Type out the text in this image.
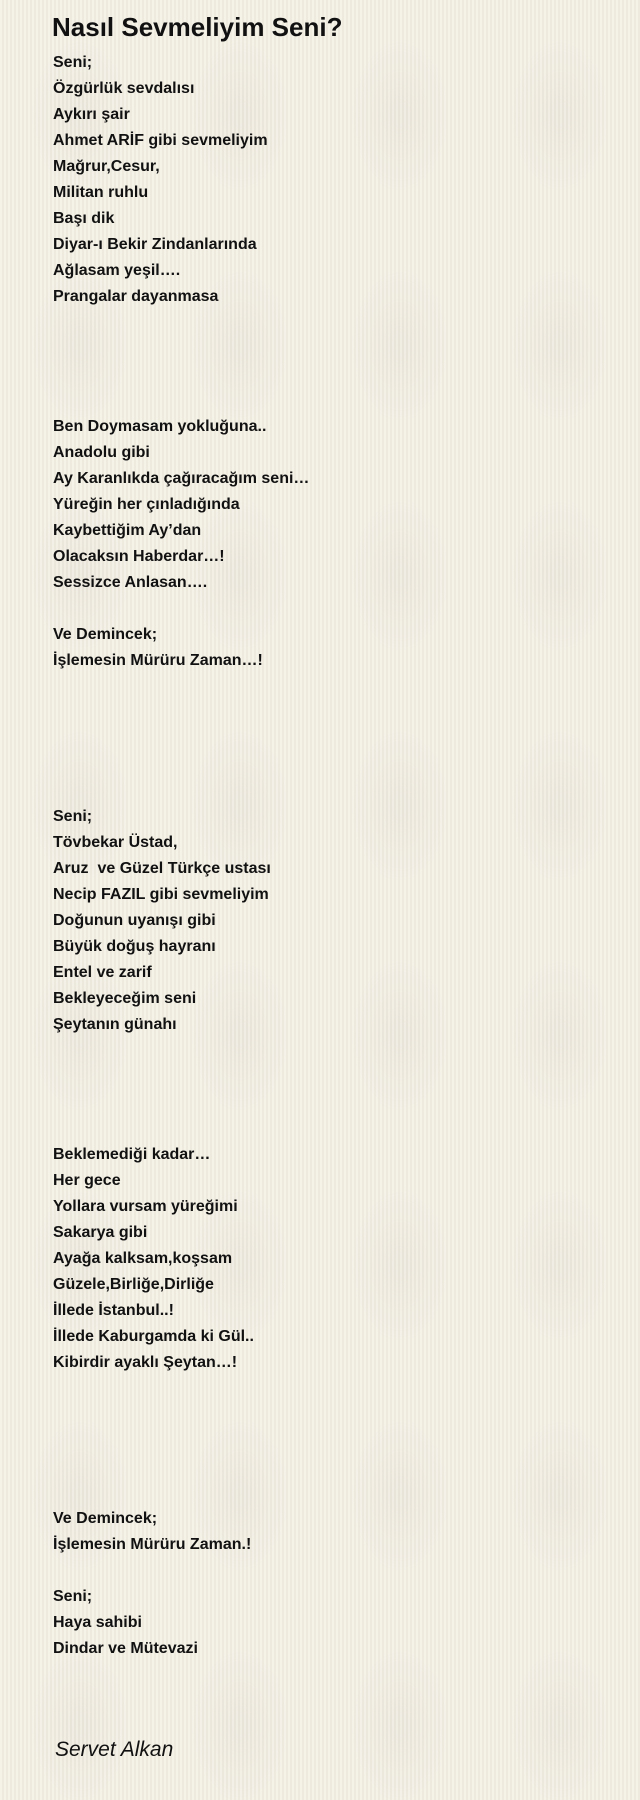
Nasıl Sevmeliyim Seni?
Seni;
Özgürlük sevdalısı
Aykırı şair
Ahmet ARİF gibi sevmeliyim
Mağrur,Cesur,
Militan ruhlu
Başı dik
Diyar-ı Bekir Zindanlarında
Ağlasam yeşil….
Prangalar dayanmasa
Ben Doymasam yokluğuna..
Anadolu gibi
Ay Karanlıkda çağıracağım seni…
Yüreğin her çınladığında
Kaybettiğim Ay’dan
Olacaksın Haberdar…!
Sessizce Anlasan….
Ve Demincek;
İşlemesin Mürüru Zaman…!
Seni;
Tövbekar Üstad,
Aruz  ve Güzel Türkçe ustası
Necip FAZIL gibi sevmeliyim
Doğunun uyanışı gibi
Büyük doğuş hayranı
Entel ve zarif
Bekleyeceğim seni
Şeytanın günahı
Beklemediği kadar…
Her gece
Yollara vursam yüreğimi
Sakarya gibi
Ayağa kalksam,koşsam
Güzele,Birliğe,Dirliğe
İllede İstanbul..!
İllede Kaburgamda ki Gül..
Kibirdir ayaklı Şeytan…!
Ve Demincek;
İşlemesin Mürüru Zaman.!
Seni;
Haya sahibi
Dindar ve Mütevazi
Servet Alkan
